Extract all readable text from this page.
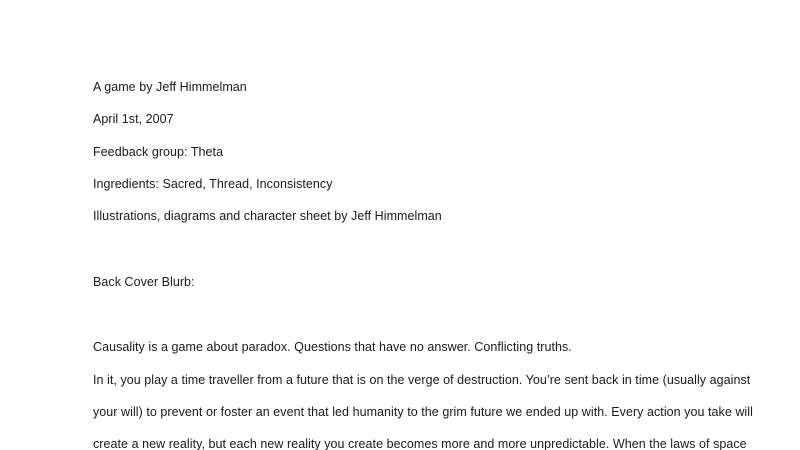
A game by Jeff Himmelman
April 1st, 2007
Feedback group: Theta
Ingredients: Sacred, Thread, Inconsistency
Illustrations, diagrams and character sheet by Jeff Himmelman
Back Cover Blurb:
Causality is a game about paradox. Questions that have no answer. Conflicting truths.
In it, you play a time traveller from a future that is on the verge of destruction. You’re sent back in time (usually against
your will) to prevent or foster an event that led humanity to the grim future we ended up with. Every action you take will
create a new reality, but each new reality you create becomes more and more unpredictable. When the laws of space
